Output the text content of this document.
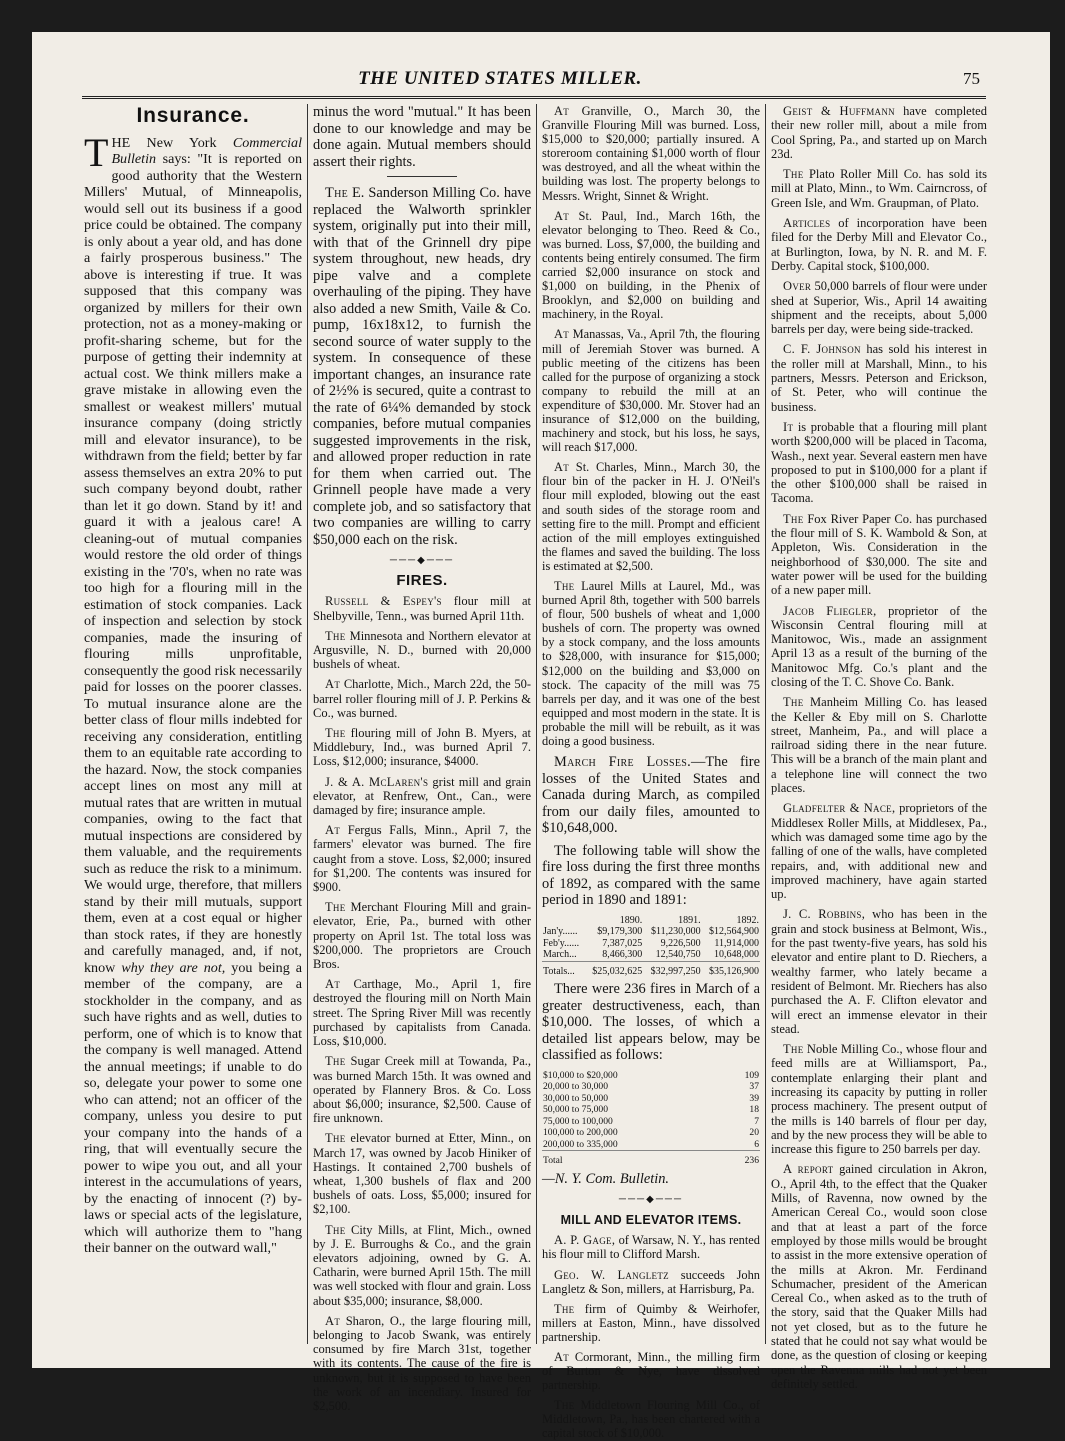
THE UNITED STATES MILLER.	75
Insurance.

THE New York Commercial Bulletin says: "It is reported on good authority that the Western Millers' Mutual, of Minneapolis, would sell out its business if a good price could be obtained. The company is only about a year old, and has done a fairly prosperous business." The above is interesting if true. It was supposed that this company was organized by millers for their own protection, not as a money-making or profit-sharing scheme, but for the purpose of getting their indemnity at actual cost. We think millers make a grave mistake in allowing even the smallest or weakest millers' mutual insurance company (doing strictly mill and elevator insurance), to be withdrawn from the field; better by far assess themselves an extra 20% to put such company beyond doubt, rather than let it go down. Stand by it! and guard it with a jealous care! A cleaning-out of mutual companies would restore the old order of things existing in the '70's, when no rate was too high for a flouring mill in the estimation of stock companies. Lack of inspection and selection by stock companies, made the insuring of flouring mills unprofitable, consequently the good risk necessarily paid for losses on the poorer classes. To mutual insurance alone are the better class of flour mills indebted for receiving any consideration, entitling them to an equitable rate according to the hazard. Now, the stock companies accept lines on most any mill at mutual rates that are written in mutual companies, owing to the fact that mutual inspections are considered by them valuable, and the requirements such as reduce the risk to a minimum. We would urge, therefore, that millers stand by their mill mutuals, support them, even at a cost equal or higher than stock rates, if they are honestly and carefully managed, and, if not, know why they are not, you being a member of the company, are a stockholder in the company, and as such have rights and as well, duties to perform, one of which is to know that the company is well managed. Attend the annual meetings; if unable to do so, delegate your power to some one who can attend; not an officer of the company, unless you desire to put your company into the hands of a ring, that will eventually secure the power to wipe you out, and all your interest in the accumulations of years, by the enacting of innocent (?) by-laws or special acts of the legislature, which will authorize them to "hang their banner on the outward wall,"

minus the word "mutual." It has been done to our knowledge and may be done again. Mutual members should assert their rights.

The E. Sanderson Milling Co. have replaced the Walworth sprinkler system, originally put into their mill, with that of the Grinnell dry pipe system throughout, new heads, dry pipe valve and a complete overhauling of the piping. They have also added a new Smith, Vaile & Co. pump, 16x18x12, to furnish the second source of water supply to the system. In consequence of these important changes, an insurance rate of 2½% is secured, quite a contrast to the rate of 6¼% demanded by stock companies, before mutual companies suggested improvements in the risk, and allowed proper reduction in rate for them when carried out. The Grinnell people have made a very complete job, and so satisfactory that two companies are willing to carry $50,000 each on the risk.

───◆───
FIRES.

Russell & Espey's flour mill at Shelbyville, Tenn., was burned April 11th.

The Minnesota and Northern elevator at Argusville, N. D., burned with 20,000 bushels of wheat.

At Charlotte, Mich., March 22d, the 50-barrel roller flouring mill of J. P. Perkins & Co., was burned.

The flouring mill of John B. Myers, at Middlebury, Ind., was burned April 7. Loss, $12,000; insurance, $4000.

J. & A. McLaren's grist mill and grain elevator, at Renfrew, Ont., Can., were damaged by fire; insurance ample.

At Fergus Falls, Minn., April 7, the farmers' elevator was burned. The fire caught from a stove. Loss, $2,000; insured for $1,200. The contents was insured for $900.

The Merchant Flouring Mill and grain-elevator, Erie, Pa., burned with other property on April 1st. The total loss was $200,000. The proprietors are Crouch Bros.

At Carthage, Mo., April 1, fire destroyed the flouring mill on North Main street. The Spring River Mill was recently purchased by capitalists from Canada. Loss, $10,000.

The Sugar Creek mill at Towanda, Pa., was burned March 15th. It was owned and operated by Flannery Bros. & Co. Loss about $6,000; insurance, $2,500. Cause of fire unknown.

The elevator burned at Etter, Minn., on March 17, was owned by Jacob Hiniker of Hastings. It contained 2,700 bushels of wheat, 1,300 bushels of flax and 200 bushels of oats. Loss, $5,000; insured for $2,100.

The City Mills, at Flint, Mich., owned by J. E. Burroughs & Co., and the grain elevators adjoining, owned by G. A. Catharin, were burned April 15th. The mill was well stocked with flour and grain. Loss about $35,000; insurance, $8,000.

At Sharon, O., the large flouring mill, belonging to Jacob Swank, was entirely consumed by fire March 31st, together with its contents. The cause of the fire is unknown, but it is supposed to have been the work of an incendiary. Insured for $2,500.

At Granville, O., March 30, the Granville Flouring Mill was burned. Loss, $15,000 to $20,000; partially insured. A storeroom containing $1,000 worth of flour was destroyed, and all the wheat within the building was lost. The property belongs to Messrs. Wright, Sinnet & Wright.

At St. Paul, Ind., March 16th, the elevator belonging to Theo. Reed & Co., was burned. Loss, $7,000, the building and contents being entirely consumed. The firm carried $2,000 insurance on stock and $1,000 on building, in the Phenix of Brooklyn, and $2,000 on building and machinery, in the Royal.

At Manassas, Va., April 7th, the flouring mill of Jeremiah Stover was burned. A public meeting of the citizens has been called for the purpose of organizing a stock company to rebuild the mill at an expenditure of $30,000. Mr. Stover had an insurance of $12,000 on the building, machinery and stock, but his loss, he says, will reach $17,000.

At St. Charles, Minn., March 30, the flour bin of the packer in H. J. O'Neil's flour mill exploded, blowing out the east and south sides of the storage room and setting fire to the mill. Prompt and efficient action of the mill employes extinguished the flames and saved the building. The loss is estimated at $2,500.

The Laurel Mills at Laurel, Md., was burned April 8th, together with 500 barrels of flour, 500 bushels of wheat and 1,000 bushels of corn. The property was owned by a stock company, and the loss amounts to $28,000, with insurance for $15,000; $12,000 on the building and $3,000 on stock. The capacity of the mill was 75 barrels per day, and it was one of the best equipped and most modern in the state. It is probable the mill will be rebuilt, as it was doing a good business.

March Fire Losses.—The fire losses of the United States and Canada during March, as compiled from our daily files, amounted to $10,648,000.

The following table will show the fire loss during the first three months of 1892, as compared with the same period in 1890 and 1891:

	1890.	1891.	1892.
Jan'y......	$9,179,300	$11,230,000	$12,564,900
Feb'y......	7,387,025	9,226,500	11,914,000
March...	8,466,300	12,540,750	10,648,000
Totals...	$25,032,625	$32,997,250	$35,126,900

There were 236 fires in March of a greater destructiveness, each, than $10,000. The losses, of which a detailed list appears below, may be classified as follows:

$10,000 to $20,000	109
20,000 to 30,000	37
30,000 to 50,000	39
50,000 to 75,000	18
75,000 to 100,000	7
100,000 to 200,000	20
200,000 to 335,000	6
Total	236

—N. Y. Com. Bulletin.

───◆───
MILL AND ELEVATOR ITEMS.

A. P. Gage, of Warsaw, N. Y., has rented his flour mill to Clifford Marsh.

Geo. W. Langletz succeeds John Langletz & Son, millers, at Harrisburg, Pa.

The firm of Quimby & Weirhofer, millers at Easton, Minn., have dissolved partnership.

At Cormorant, Minn., the milling firm of Burton & Nye, have dissolved partnership.

The Middletown Flouring Mill Co., of Middletown, Pa., has been chartered with a capital stock of $10,000.

Geist & Huffmann have completed their new roller mill, about a mile from Cool Spring, Pa., and started up on March 23d.

The Plato Roller Mill Co. has sold its mill at Plato, Minn., to Wm. Cairncross, of Green Isle, and Wm. Graupman, of Plato.

Articles of incorporation have been filed for the Derby Mill and Elevator Co., at Burlington, Iowa, by N. R. and M. F. Derby. Capital stock, $100,000.

Over 50,000 barrels of flour were under shed at Superior, Wis., April 14 awaiting shipment and the receipts, about 5,000 barrels per day, were being side-tracked.

C. F. Johnson has sold his interest in the roller mill at Marshall, Minn., to his partners, Messrs. Peterson and Erickson, of St. Peter, who will continue the business.

It is probable that a flouring mill plant worth $200,000 will be placed in Tacoma, Wash., next year. Several eastern men have proposed to put in $100,000 for a plant if the other $100,000 shall be raised in Tacoma.

The Fox River Paper Co. has purchased the flour mill of S. K. Wambold & Son, at Appleton, Wis. Consideration in the neighborhood of $30,000. The site and water power will be used for the building of a new paper mill.

Jacob Fliegler, proprietor of the Wisconsin Central flouring mill at Manitowoc, Wis., made an assignment April 13 as a result of the burning of the Manitowoc Mfg. Co.'s plant and the closing of the T. C. Shove Co. Bank.

The Manheim Milling Co. has leased the Keller & Eby mill on S. Charlotte street, Manheim, Pa., and will place a railroad siding there in the near future. This will be a branch of the main plant and a telephone line will connect the two places.

Gladfelter & Nace, proprietors of the Middlesex Roller Mills, at Middlesex, Pa., which was damaged some time ago by the falling of one of the walls, have completed repairs, and, with additional new and improved machinery, have again started up.

J. C. Robbins, who has been in the grain and stock business at Belmont, Wis., for the past twenty-five years, has sold his elevator and entire plant to D. Riechers, a wealthy farmer, who lately became a resident of Belmont. Mr. Riechers has also purchased the A. F. Clifton elevator and will erect an immense elevator in their stead.

The Noble Milling Co., whose flour and feed mills are at Williamsport, Pa., contemplate enlarging their plant and increasing its capacity by putting in roller process machinery. The present output of the mills is 140 barrels of flour per day, and by the new process they will be able to increase this figure to 250 barrels per day.

A report gained circulation in Akron, O., April 4th, to the effect that the Quaker Mills, of Ravenna, now owned by the American Cereal Co., would soon close and that at least a part of the force employed by those mills would be brought to assist in the more extensive operation of the mills at Akron. Mr. Ferdinand Schumacher, president of the American Cereal Co., when asked as to the truth of the story, said that the Quaker Mills had not yet closed, but as to the future he stated that he could not say what would be done, as the question of closing or keeping open the Ravenna mills had not yet been definitely settled.
